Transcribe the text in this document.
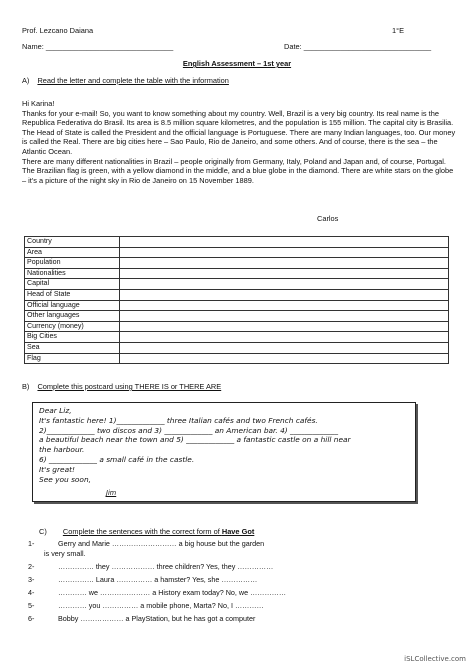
Prof. Lezcano Daiana	1°E
Name: _______________________________	Date: _______________________________
English Assessment – 1st year
A) Read the letter and complete the table with the information

Hi Karina!

Thanks for your e-mail! So, you want to know something about my country. Well, Brazil is a very big country. Its real name is the Republica Federativa do Brasil. Its area is 8.5 million square kilometres, and the population is 155 million. The capital city is Brasilia. The Head of State is called the President and the official language is Portuguese. There are many Indian languages, too. Our money is called the Real. There are big cities here – Sao Paulo, Rio de Janeiro, and some others. And of course, there is the sea – the Atlantic Ocean.

There are many different nationalities in Brazil – people originally from Germany, Italy, Poland and Japan and, of course, Portugal.

The Brazilian flag is green, with a yellow diamond in the middle, and a blue globe in the diamond. There are white stars on the globe – it's a picture of the night sky in Rio de Janeiro on 15 November 1889.

Carlos
Country	
Area	
Population	
Nationalities	
Capital	
Head of State	
Official language	
Other languages	
Currency (money)	
Big Cities	
Sea	
Flag	
B) Complete this postcard using THERE IS or THERE ARE

Dear Liz,

It's fantastic here! 1)_____________ three Italian cafés and two French cafés.

2)_____________ two discos and 3) _____________ an American bar. 4) _____________

a beautiful beach near the town and 5) _____________ a fantastic castle on a hill near

the harbour.

6) _____________ a small café in the castle.

It's great!

See you soon,

Jim
C) Complete the sentences with the correct form of Have Got
1-	Gerry and Marie ……………………… a big house but the garden
is very small.
2-	…………… they ……………… three children? Yes, they ……………
3-	…………… Laura …………… a hamster? Yes, she ……………
4-	………… we ………………… a History exam today? No, we ……………
5-	………… you …………… a mobile phone, Marta? No, I …………
6-	Bobby ……………… a PlayStation, but he has got a computer
iSLCollective.com
